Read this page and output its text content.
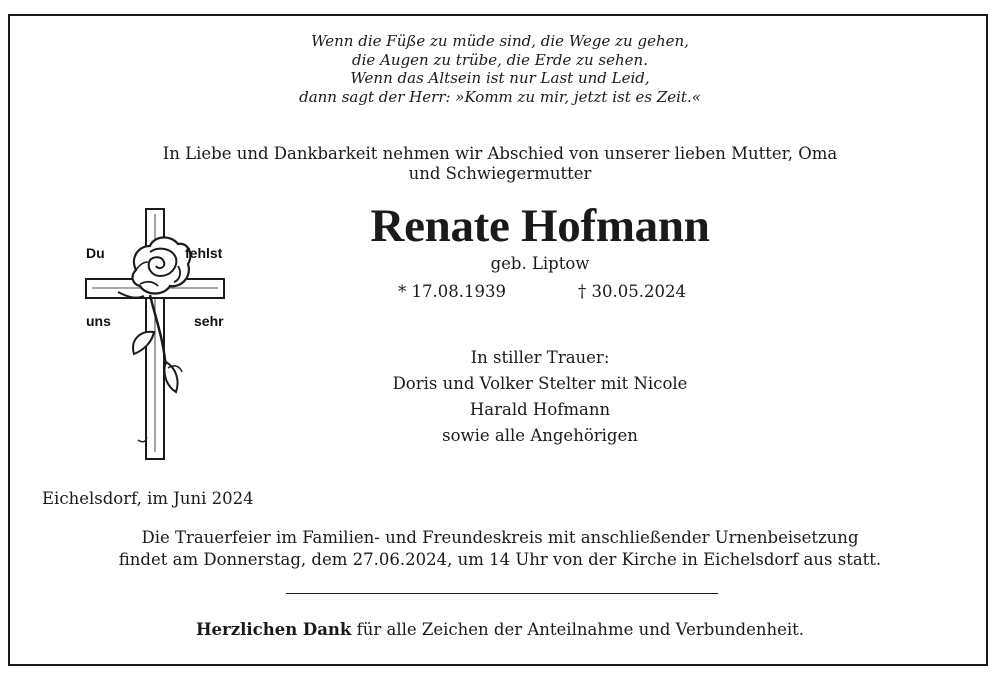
Wenn die Füße zu müde sind, die Wege zu gehen,
die Augen zu trübe, die Erde zu sehen.
Wenn das Altsein ist nur Last und Leid,
dann sagt der Herr: »Komm zu mir, jetzt ist es Zeit.«
In Liebe und Dankbarkeit nehmen wir Abschied von unserer lieben Mutter, Oma
und Schwiegermutter
Du	fehlst
uns	sehr
Renate Hofmann
geb. Liptow
* 17.08.1939	† 30.05.2024
In stiller Trauer:
Doris und Volker Stelter mit Nicole
Harald Hofmann
sowie alle Angehörigen
Eichelsdorf, im Juni 2024
Die Trauerfeier im Familien- und Freundeskreis mit anschließender Urnenbeisetzung
findet am Donnerstag, dem 27.06.2024, um 14 Uhr von der Kirche in Eichelsdorf aus statt.
Herzlichen Dank für alle Zeichen der Anteilnahme und Verbundenheit.
